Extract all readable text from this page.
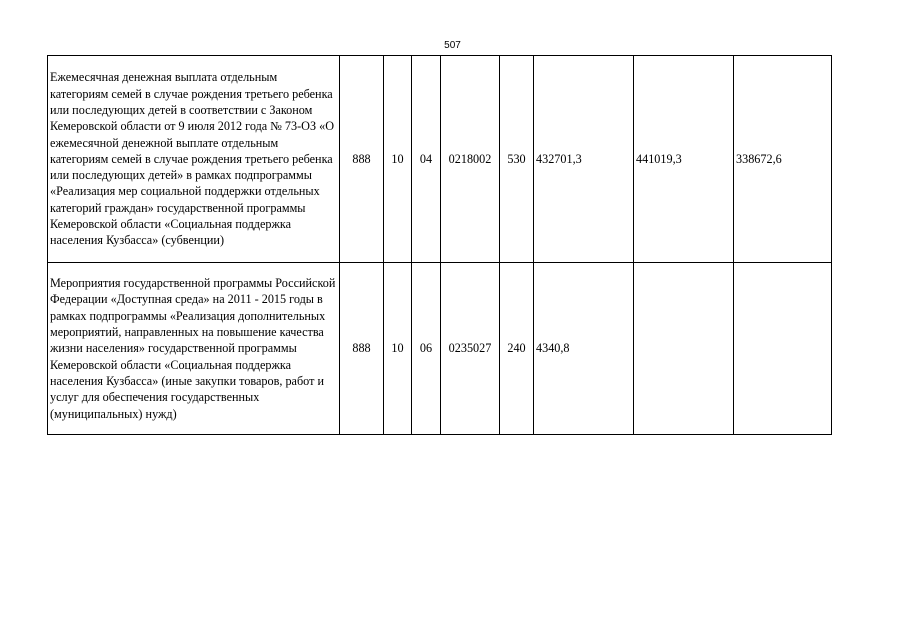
507
Ежемесячная денежная выплата отдельным категориям семей в случае рождения третьего ребенка или последующих детей в соответствии с Законом Кемеровской области от 9 июля 2012 года № 73-ОЗ «О ежемесячной денежной выплате отдельным категориям семей в случае рождения третьего ребенка или последующих детей» в рамках подпрограммы «Реализация мер социальной поддержки отдельных категорий граждан» государственной программы Кемеровской области «Социальная поддержка населения Кузбасса» (субвенции)	888	10	04	0218002	530	432701,3	441019,3	338672,6
Мероприятия государственной программы Российской Федерации «Доступная среда» на 2011 - 2015 годы в рамках подпрограммы «Реализация дополнительных мероприятий, направленных на повышение качества жизни населения» государственной программы Кемеровской области «Социальная поддержка населения Кузбасса» (иные закупки товаров, работ и услуг для обеспечения государственных (муниципальных) нужд)	888	10	06	0235027	240	4340,8		
